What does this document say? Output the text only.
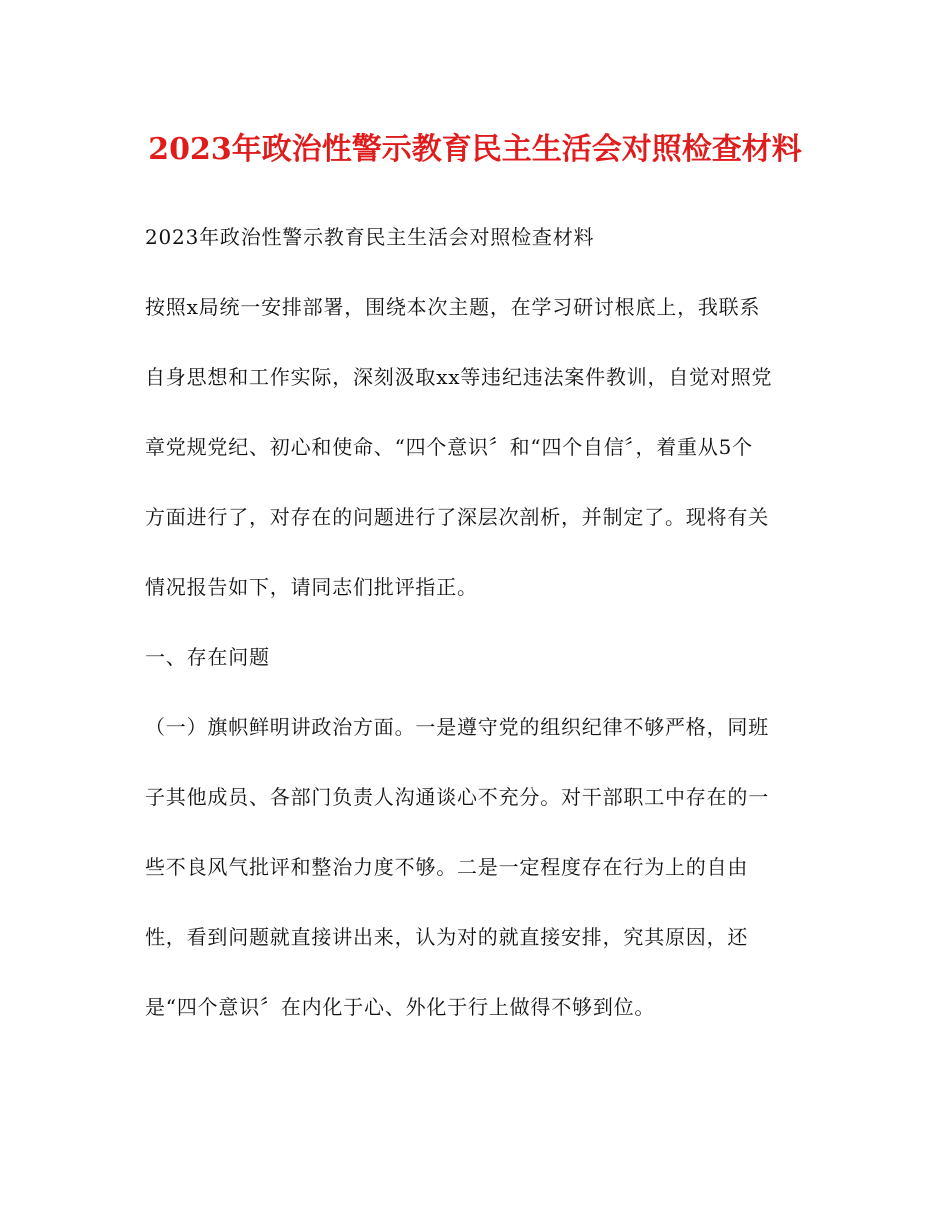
2023年政治性警示教育民主生活会对照检查材料
2023年政治性警示教育民主生活会对照检查材料
按照x局统一安排部署，围绕本次主题，在学习研讨根底上，我联系
自身思想和工作实际，深刻汲取xx等违纪违法案件教训，自觉对照党
章党规党纪、初心和使命、“四个意识〞和“四个自信〞，着重从5个
方面进行了，对存在的问题进行了深层次剖析，并制定了。现将有关
情况报告如下，请同志们批评指正。
一、存在问题
（一）旗帜鲜明讲政治方面。一是遵守党的组织纪律不够严格，同班
子其他成员、各部门负责人沟通谈心不充分。对干部职工中存在的一
些不良风气批评和整治力度不够。二是一定程度存在行为上的自由
性，看到问题就直接讲出来，认为对的就直接安排，究其原因，还
是“四个意识〞在内化于心、外化于行上做得不够到位。
